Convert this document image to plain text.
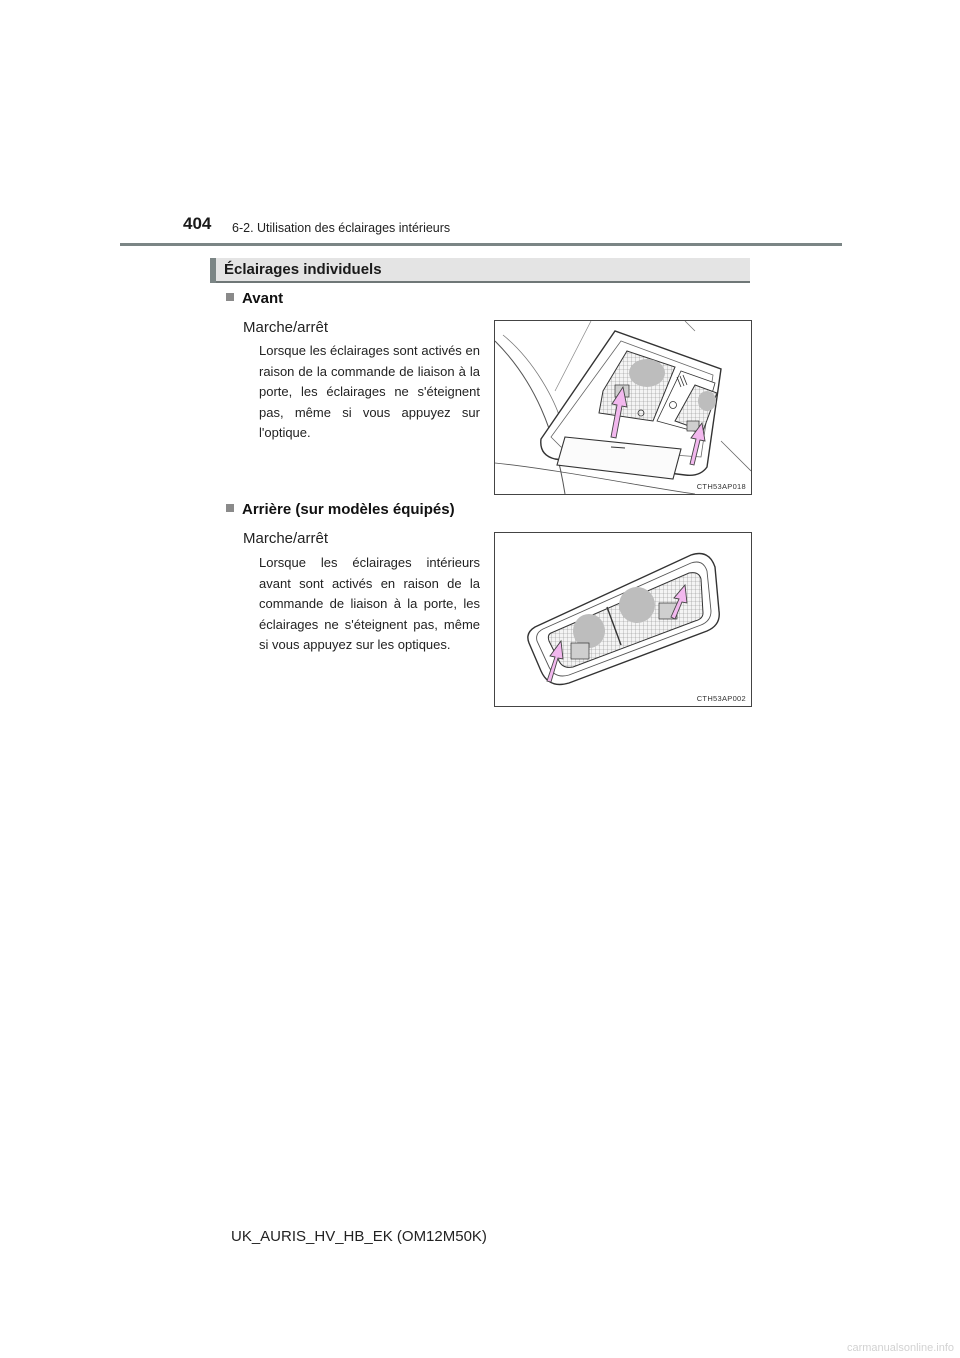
404 6-2. Utilisation des éclairages intérieurs
Éclairages individuels
Avant
Marche/arrêt
Lorsque les éclairages sont activés en raison de la commande de liaison à la porte, les éclairages ne s'éteignent pas, même si vous appuyez sur l'optique.
CTH53AP018
Arrière (sur modèles équipés)
Marche/arrêt
Lorsque les éclairages intérieurs avant sont activés en raison de la commande de liaison à la porte, les éclairages ne s'éteignent pas, même si vous appuyez sur les optiques.
CTH53AP002
UK_AURIS_HV_HB_EK (OM12M50K)
carmanualsonline.info
